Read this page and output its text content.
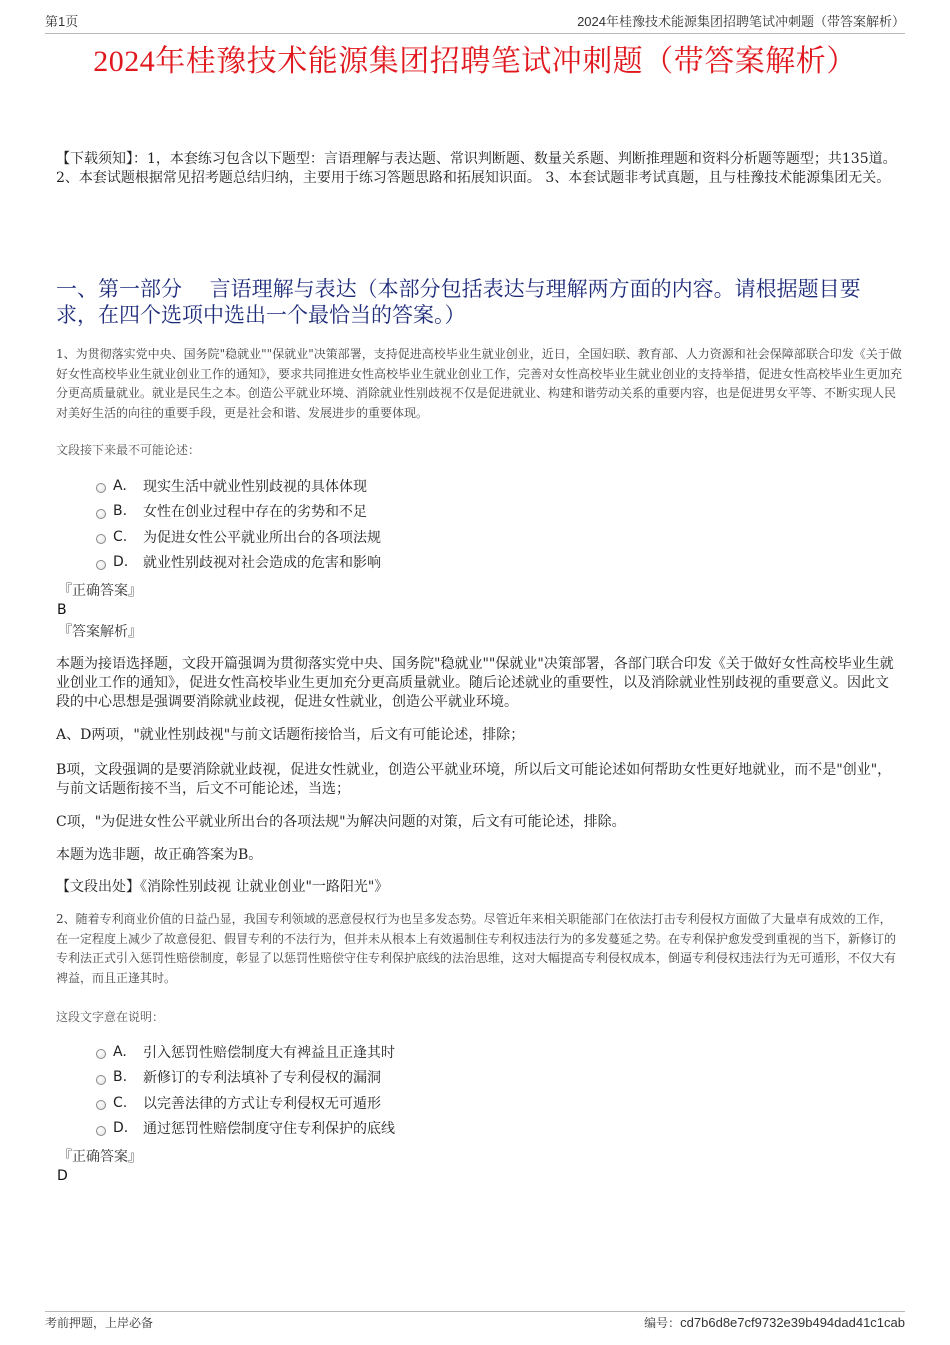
第1页	2024年桂豫技术能源集团招聘笔试冲刺题（带答案解析）
2024年桂豫技术能源集团招聘笔试冲刺题（带答案解析）
【下载须知】：1，本套练习包含以下题型：言语理解与表达题、常识判断题、数量关系题、判断推理题和资料分析题等题型；共135道。 2、本套试题根据常见招考题总结归纳，主要用于练习答题思路和拓展知识面。 3、本套试题非考试真题，且与桂豫技术能源集团无关。
一、第一部分　 言语理解与表达（本部分包括表达与理解两方面的内容。请根据题目要求，在四个选项中选出一个最恰当的答案。）
1、为贯彻落实党中央、国务院"稳就业""保就业"决策部署，支持促进高校毕业生就业创业，近日，全国妇联、教育部、人力资源和社会保障部联合印发《关于做好女性高校毕业生就业创业工作的通知》，要求共同推进女性高校毕业生就业创业工作，完善对女性高校毕业生就业创业的支持举措，促进女性高校毕业生更加充分更高质量就业。就业是民生之本。创造公平就业环境、消除就业性别歧视不仅是促进就业、构建和谐劳动关系的重要内容，也是促进男女平等、不断实现人民对美好生活的向往的重要手段，更是社会和谐、发展进步的重要体现。
文段接下来最不可能论述：
A.	现实生活中就业性别歧视的具体体现
B.	女性在创业过程中存在的劣势和不足
C.	为促进女性公平就业所出台的各项法规
D.	就业性别歧视对社会造成的危害和影响
『正确答案』
B
『答案解析』
本题为接语选择题，文段开篇强调为贯彻落实党中央、国务院"稳就业""保就业"决策部署，各部门联合印发《关于做好女性高校毕业生就业创业工作的通知》，促进女性高校毕业生更加充分更高质量就业。随后论述就业的重要性，以及消除就业性别歧视的重要意义。因此文段的中心思想是强调要消除就业歧视，促进女性就业，创造公平就业环境。
A、D两项，"就业性别歧视"与前文话题衔接恰当，后文有可能论述，排除；
B项，文段强调的是要消除就业歧视，促进女性就业，创造公平就业环境，所以后文可能论述如何帮助女性更好地就业，而不是"创业"，与前文话题衔接不当，后文不可能论述，当选；
C项，"为促进女性公平就业所出台的各项法规"为解决问题的对策，后文有可能论述，排除。
本题为选非题，故正确答案为B。
【文段出处】《消除性别歧视 让就业创业"一路阳光"》
2、随着专利商业价值的日益凸显，我国专利领域的恶意侵权行为也呈多发态势。尽管近年来相关职能部门在依法打击专利侵权方面做了大量卓有成效的工作，在一定程度上减少了故意侵犯、假冒专利的不法行为，但并未从根本上有效遏制住专利权违法行为的多发蔓延之势。在专利保护愈发受到重视的当下，新修订的专利法正式引入惩罚性赔偿制度，彰显了以惩罚性赔偿守住专利保护底线的法治思维，这对大幅提高专利侵权成本，倒逼专利侵权违法行为无可遁形，不仅大有裨益，而且正逢其时。
这段文字意在说明：
A.	引入惩罚性赔偿制度大有裨益且正逢其时
B.	新修订的专利法填补了专利侵权的漏洞
C.	以完善法律的方式让专利侵权无可遁形
D.	通过惩罚性赔偿制度守住专利保护的底线
『正确答案』
D
考前押题，上岸必备	编号：cd7b6d8e7cf9732e39b494dad41c1cab
